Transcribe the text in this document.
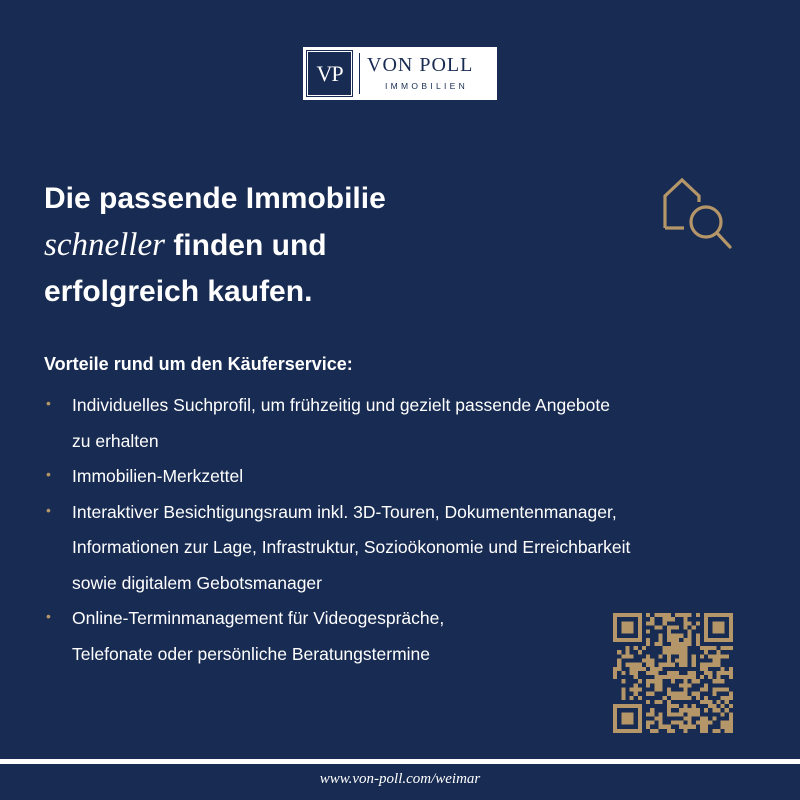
VP	VON POLL
IMMOBILIEN
Die passende Immobilie
schneller finden und
erfolgreich kaufen.
Vorteile rund um den Käuferservice:
• Individuelles Suchprofil, um frühzeitig und gezielt passende Angebote
zu erhalten
• Immobilien-Merkzettel
• Interaktiver Besichtigungsraum inkl. 3D-Touren, Dokumentenmanager,
Informationen zur Lage, Infrastruktur, Sozioökonomie und Erreichbarkeit
sowie digitalem Gebotsmanager
• Online-Terminmanagement für Videogespräche,
Telefonate oder persönliche Beratungstermine
www.von-poll.com/weimar
